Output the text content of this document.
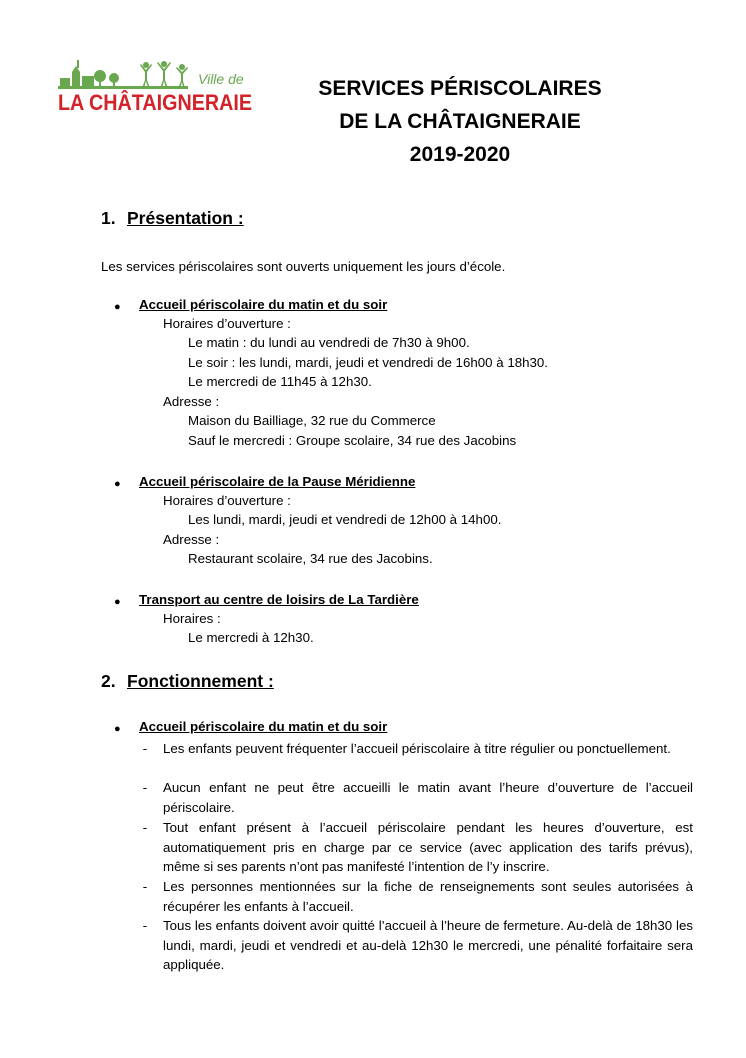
Ville de
LA CHÂTAIGNERAIE
SERVICES PÉRISCOLAIRES
DE LA CHÂTAIGNERAIE
2019-2020
1. Présentation :
Les services périscolaires sont ouverts uniquement les jours d’école.
● Accueil périscolaire du matin et du soir
Horaires d’ouverture :
Le matin : du lundi au vendredi de 7h30 à 9h00.
Le soir : les lundi, mardi, jeudi et vendredi de 16h00 à 18h30.
Le mercredi de 11h45 à 12h30.
Adresse :
Maison du Bailliage, 32 rue du Commerce
Sauf le mercredi : Groupe scolaire, 34 rue des Jacobins
● Accueil périscolaire de la Pause Méridienne
Horaires d’ouverture :
Les lundi, mardi, jeudi et vendredi de 12h00 à 14h00.
Adresse :
Restaurant scolaire, 34 rue des Jacobins.
● Transport au centre de loisirs de La Tardière
Horaires :
Le mercredi à 12h30.
2. Fonctionnement :
● Accueil périscolaire du matin et du soir
- Les enfants peuvent fréquenter l’accueil périscolaire à titre régulier ou ponctuellement.
- Aucun enfant ne peut être accueilli le matin avant l’heure d’ouverture de l’accueil périscolaire.
- Tout enfant présent à l’accueil périscolaire pendant les heures d’ouverture, est automatiquement pris en charge par ce service (avec application des tarifs prévus), même si ses parents n’ont pas manifesté l’intention de l’y inscrire.
- Les personnes mentionnées sur la fiche de renseignements sont seules autorisées à récupérer les enfants à l’accueil.
- Tous les enfants doivent avoir quitté l’accueil à l’heure de fermeture. Au-delà de 18h30 les lundi, mardi, jeudi et vendredi et au-delà 12h30 le mercredi, une pénalité forfaitaire sera appliquée.
